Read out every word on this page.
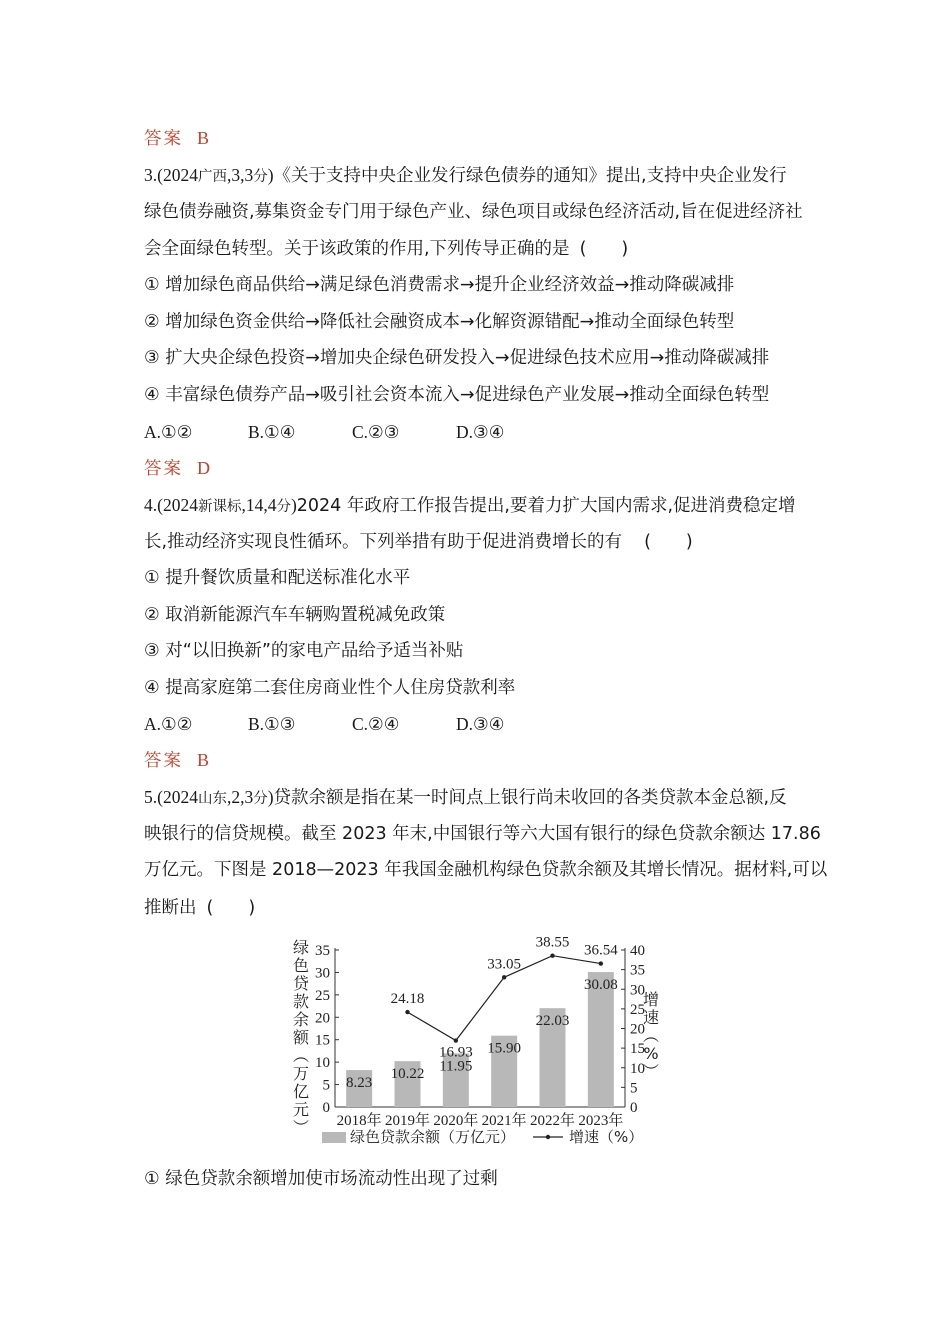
答案 B
3.(2024广西,3,3分)《关于支持中央企业发行绿色债券的通知》提出,支持中央企业发行
绿色债券融资,募集资金专门用于绿色产业、绿色项目或绿色经济活动,旨在促进经济社
会全面绿色转型。关于该政策的作用,下列传导正确的是 (　　)
① 增加绿色商品供给→满足绿色消费需求→提升企业经济效益→推动降碳减排
② 增加绿色资金供给→降低社会融资成本→化解资源错配→推动全面绿色转型
③ 扩大央企绿色投资→增加央企绿色研发投入→促进绿色技术应用→推动降碳减排
④ 丰富绿色债券产品→吸引社会资本流入→促进绿色产业发展→推动全面绿色转型
A.①②	B.①④	C.②③	D.③④
答案 D
4.(2024新课标,14,4分)2024 年政府工作报告提出,要着力扩大国内需求,促进消费稳定增
长,推动经济实现良性循环。下列举措有助于促进消费增长的有 (　　)
① 提升餐饮质量和配送标准化水平
② 取消新能源汽车车辆购置税减免政策
③ 对“以旧换新”的家电产品给予适当补贴
④ 提高家庭第二套住房商业性个人住房贷款利率
A.①②	B.①③	C.②④	D.③④
答案 B
5.(2024山东,2,3分)贷款余额是指在某一时间点上银行尚未收回的各类贷款本金总额,反
映银行的信贷规模。截至 2023 年末,中国银行等六大国有银行的绿色贷款余额达 17.86
万亿元。下图是 2018—2023 年我国金融机构绿色贷款余额及其增长情况。据材料,可以
推断出 (　　)
0
5
10
15
20
25
30
35
0
5
10
15
20
25
30
35
40
绿
色
贷
款
余
额
（
万
亿
元
）
增
速
（
%
）
8.23
10.22 11.95
15.90
22.03
30.08
24.18
16.93
33.05
38.55 36.54
2018年 2019年 2020年 2021年 2022年 2023年
绿色贷款余额（万亿元）	增速（%）
① 绿色贷款余额增加使市场流动性出现了过剩
